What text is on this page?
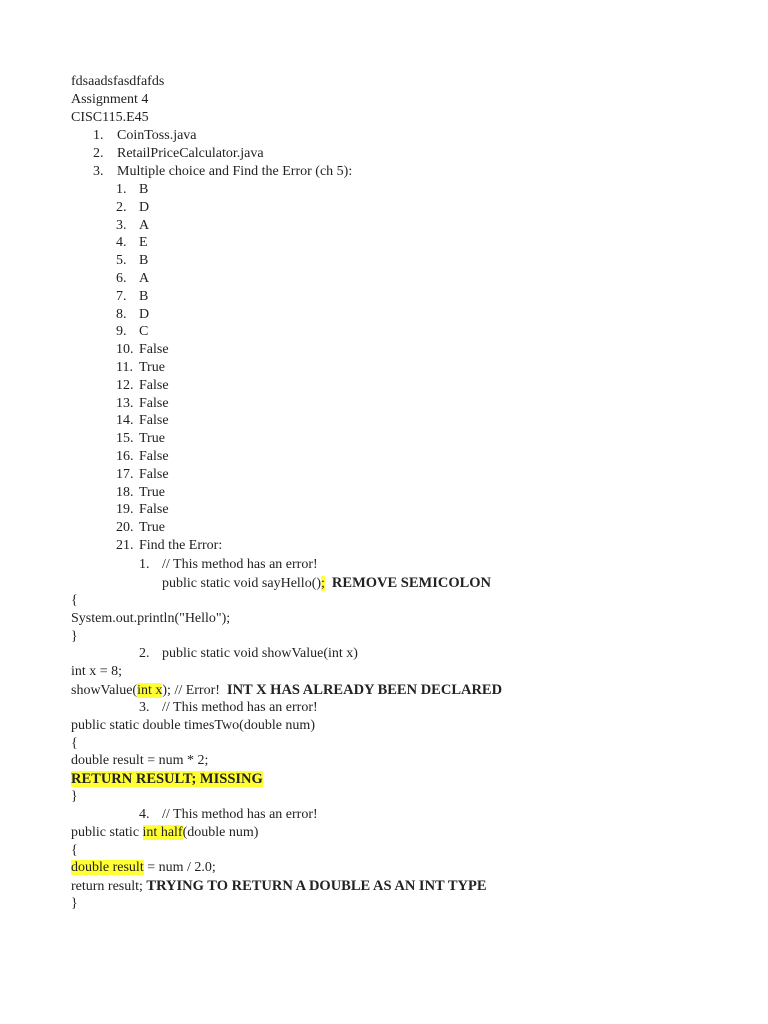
fdsaadsfasdfafds
Assignment 4
CISC115.E45
1. CoinToss.java
2. RetailPriceCalculator.java
3. Multiple choice and Find the Error (ch 5):
1. B
2. D
3. A
4. E
5. B
6. A
7. B
8. D
9. C
10. False
11. True
12. False
13. False
14. False
15. True
16. False
17. False
18. True
19. False
20. True
21. Find the Error:
1. // This method has an error!
public static void sayHello(); REMOVE SEMICOLON
{
System.out.println("Hello");
}
2. public static void showValue(int x)
int x = 8;
showValue(int x); // Error!  INT X HAS ALREADY BEEN DECLARED
3. // This method has an error!
public static double timesTwo(double num)
{
double result = num * 2;
RETURN RESULT; MISSING
}
4. // This method has an error!
public static int half(double num)
{
double result = num / 2.0;
return result; TRYING TO RETURN A DOUBLE AS AN INT TYPE
}
